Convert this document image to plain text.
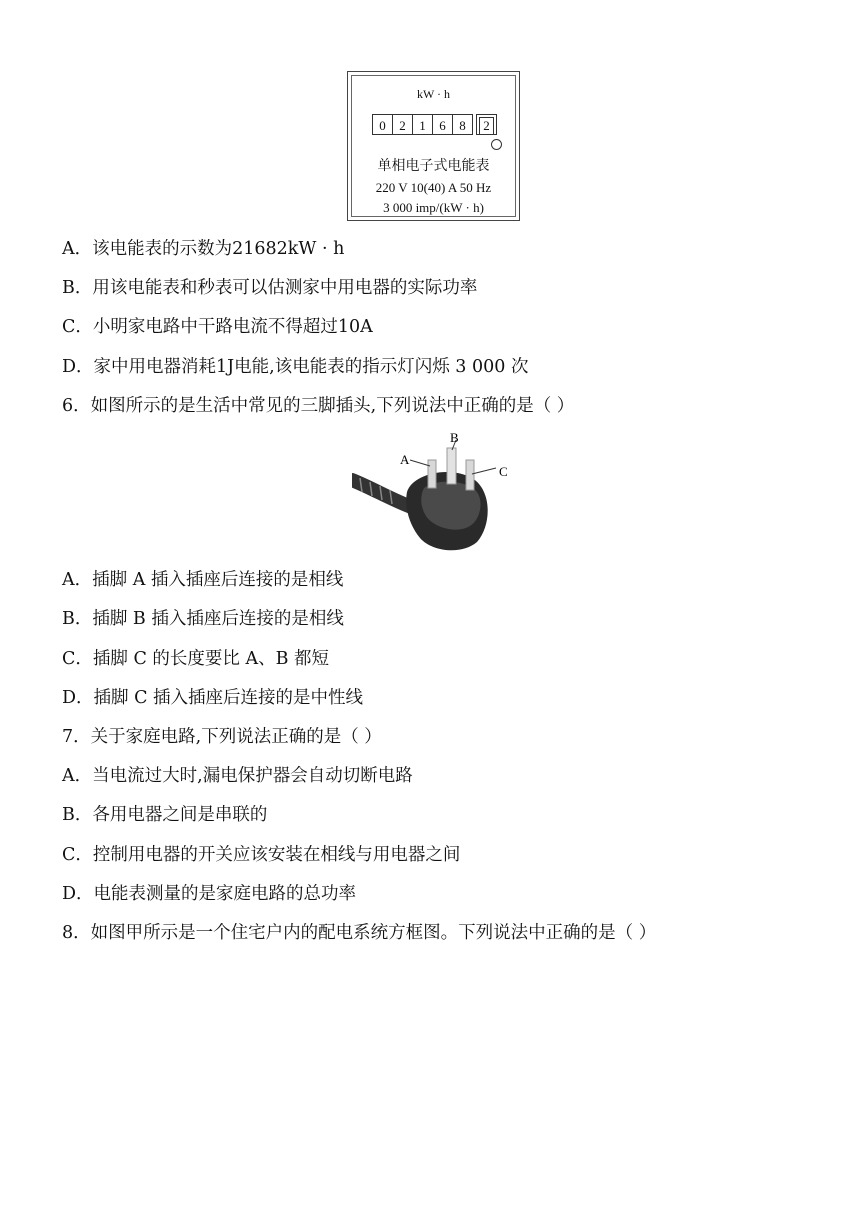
kW · h
0	2	1	6	8	2
单相电子式电能表
220 V 10(40) A 50 Hz
3 000 imp/(kW · h)
A．该电能表的示数为21682kW · h
B．用该电能表和秒表可以估测家中用电器的实际功率
C．小明家电路中干路电流不得超过10A
D．家中用电器消耗1J电能,该电能表的指示灯闪烁 3 000 次
6．如图所示的是生活中常见的三脚插头,下列说法中正确的是（ ）
A
B
C
A．插脚 A 插入插座后连接的是相线
B．插脚 B 插入插座后连接的是相线
C．插脚 C 的长度要比 A、B 都短
D．插脚 C 插入插座后连接的是中性线
7．关于家庭电路,下列说法正确的是（ ）
A．当电流过大时,漏电保护器会自动切断电路
B．各用电器之间是串联的
C．控制用电器的开关应该安装在相线与用电器之间
D．电能表测量的是家庭电路的总功率
8．如图甲所示是一个住宅户内的配电系统方框图。下列说法中正确的是（ ）
